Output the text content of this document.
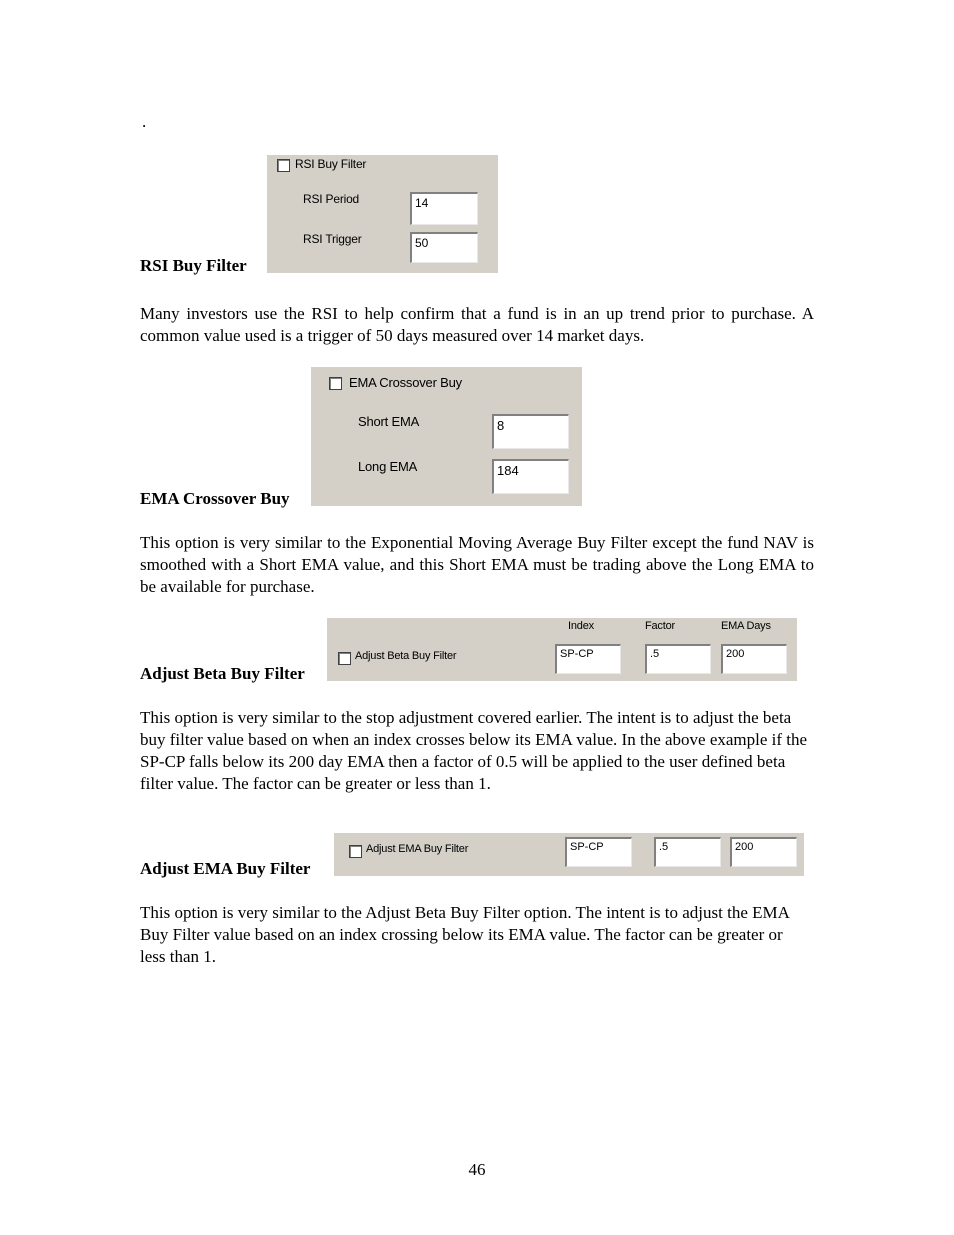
.
RSI Buy Filter
RSI Period	14
RSI Trigger	50
RSI Buy Filter
Many investors use the RSI to help confirm that a fund is in an up trend prior to purchase. A common value used is a trigger of 50 days measured over 14 market days.
EMA Crossover Buy
Short EMA	8
Long EMA	184
EMA Crossover Buy
This option is very similar to the Exponential Moving Average Buy Filter except the fund NAV is smoothed with a Short EMA value, and this Short EMA must be trading above the Long EMA to be available for purchase.
Index	Factor	EMA Days
Adjust Beta Buy Filter	SP-CP	.5	200
Adjust Beta Buy Filter
This option is very similar to the stop adjustment covered earlier. The intent is to adjust the beta buy filter value based on when an index crosses below its EMA value. In the above example if the SP-CP falls below its 200 day EMA then a factor of 0.5 will be applied to the user defined beta filter value. The factor can be greater or less than 1.
Adjust EMA Buy Filter	SP-CP	.5	200
Adjust EMA Buy Filter
This option is very similar to the Adjust Beta Buy Filter option. The intent is to adjust the EMA Buy Filter value based on an index crossing below its EMA value. The factor can be greater or less than 1.
46
